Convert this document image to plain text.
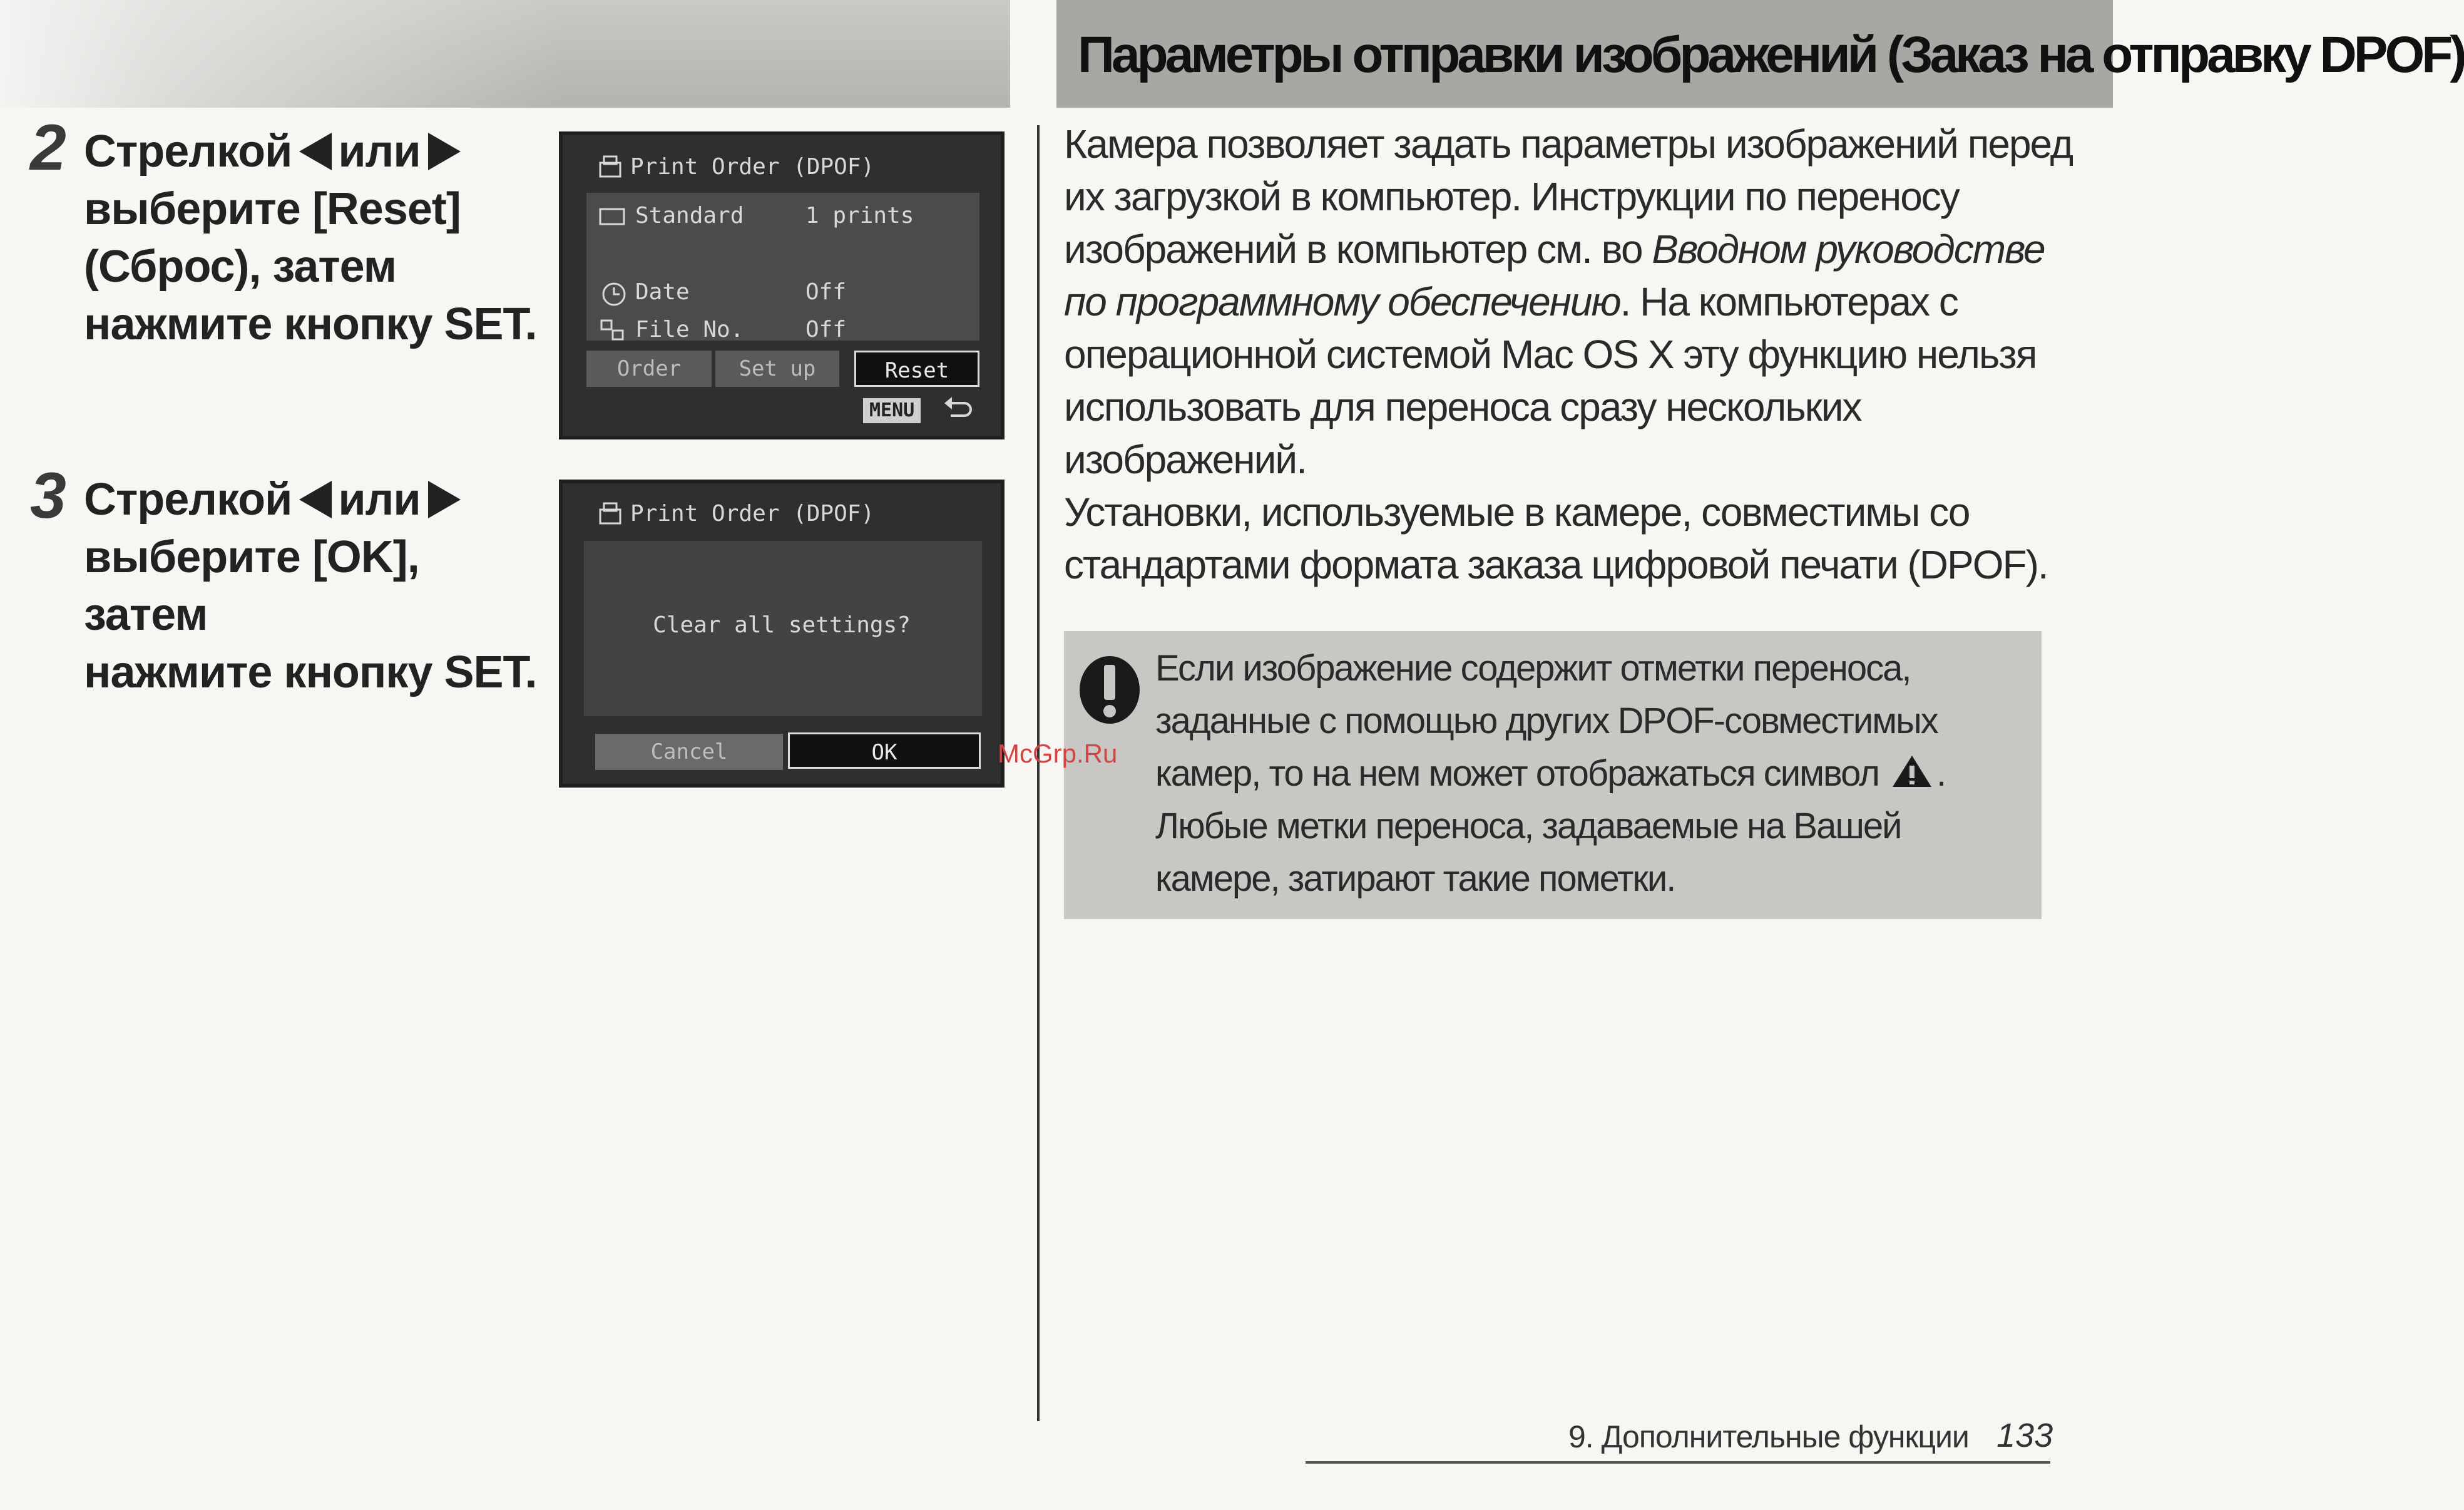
Параметры отправки изображений (Заказ на отправку DPOF)
2 Стрелкой или
выберите [Reset]
(Сброс), затем
нажмите кнопку SET.
3 Стрелкой или
выберите [OK], затем
нажмите кнопку SET.
Print Order (DPOF)
Standard	1 prints
Date	Off
File No.	Off
Order	Set up	Reset
MENU
Print Order (DPOF)
Clear all settings?
Cancel	OK
Камера позволяет задать параметры изображений перед их загрузкой в компьютер. Инструкции по переносу изображений в компьютер см. во Вводном руководстве по программному обеспечению. На компьютерах с операционной системой Mac OS X эту функцию нельзя использовать для переноса сразу нескольких изображений.
Установки, используемые в камере, совместимы со стандартами формата заказа цифровой печати (DPOF).
Если изображение содержит отметки переноса, заданные с помощью других DPOF-совместимых камер, то на нем может отображаться символ . Любые метки переноса, задаваемые на Вашей камере, затирают такие пометки.
McGrp.Ru
9. Дополнительные функции 133
